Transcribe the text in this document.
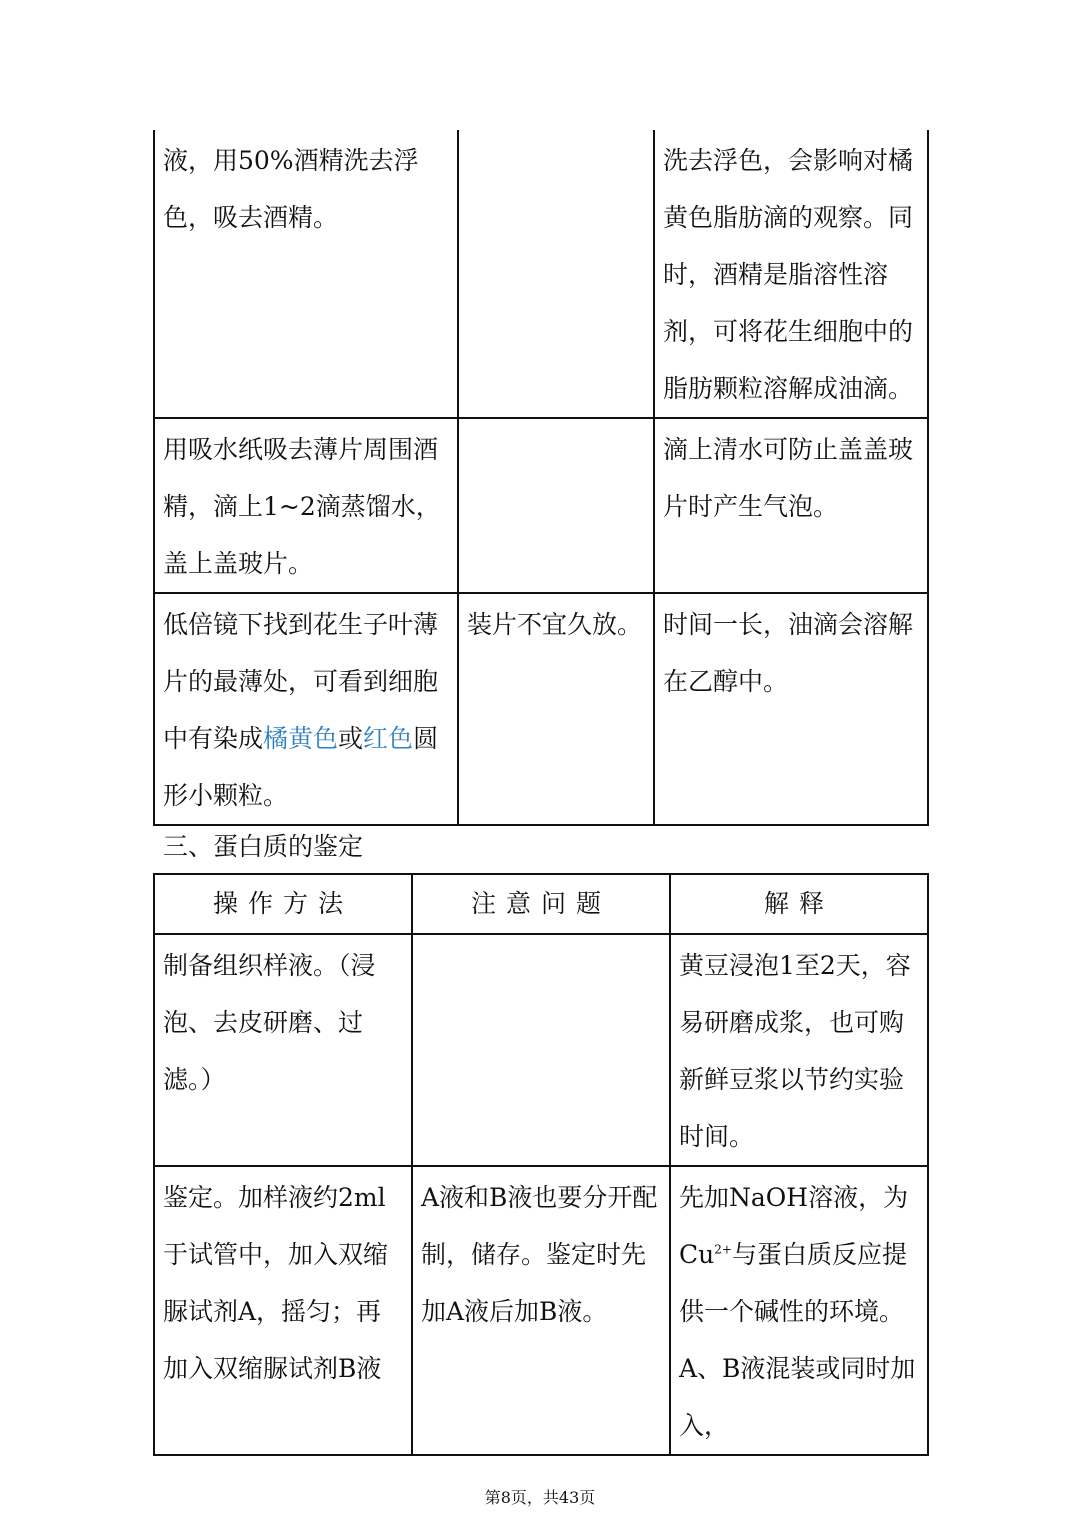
液，用50%酒精洗去浮色，吸去酒精。		洗去浮色，会影响对橘黄色脂肪滴的观察。同时，酒精是脂溶性溶剂，可将花生细胞中的脂肪颗粒溶解成油滴。
用吸水纸吸去薄片周围酒精，滴上1~2滴蒸馏水，盖上盖玻片。		滴上清水可防止盖盖玻片时产生气泡。
低倍镜下找到花生子叶薄片的最薄处，可看到细胞中有染成橘黄色或红色圆形小颗粒。	装片不宜久放。	时间一长，油滴会溶解在乙醇中。
三、蛋白质的鉴定
操作方法	注意问题	解释
制备组织样液。（浸泡、去皮研磨、过滤。）		黄豆浸泡1至2天，容易研磨成浆，也可购新鲜豆浆以节约实验时间。
鉴定。加样液约2ml于试管中，加入双缩脲试剂A，摇匀；再加入双缩脲试剂B液	A液和B液也要分开配制，储存。鉴定时先加A液后加B液。	先加NaOH溶液，为$Cu^{2+}$与蛋白质反应提供一个碱性的环境。A、B液混装或同时加入，
第8页，共43页
